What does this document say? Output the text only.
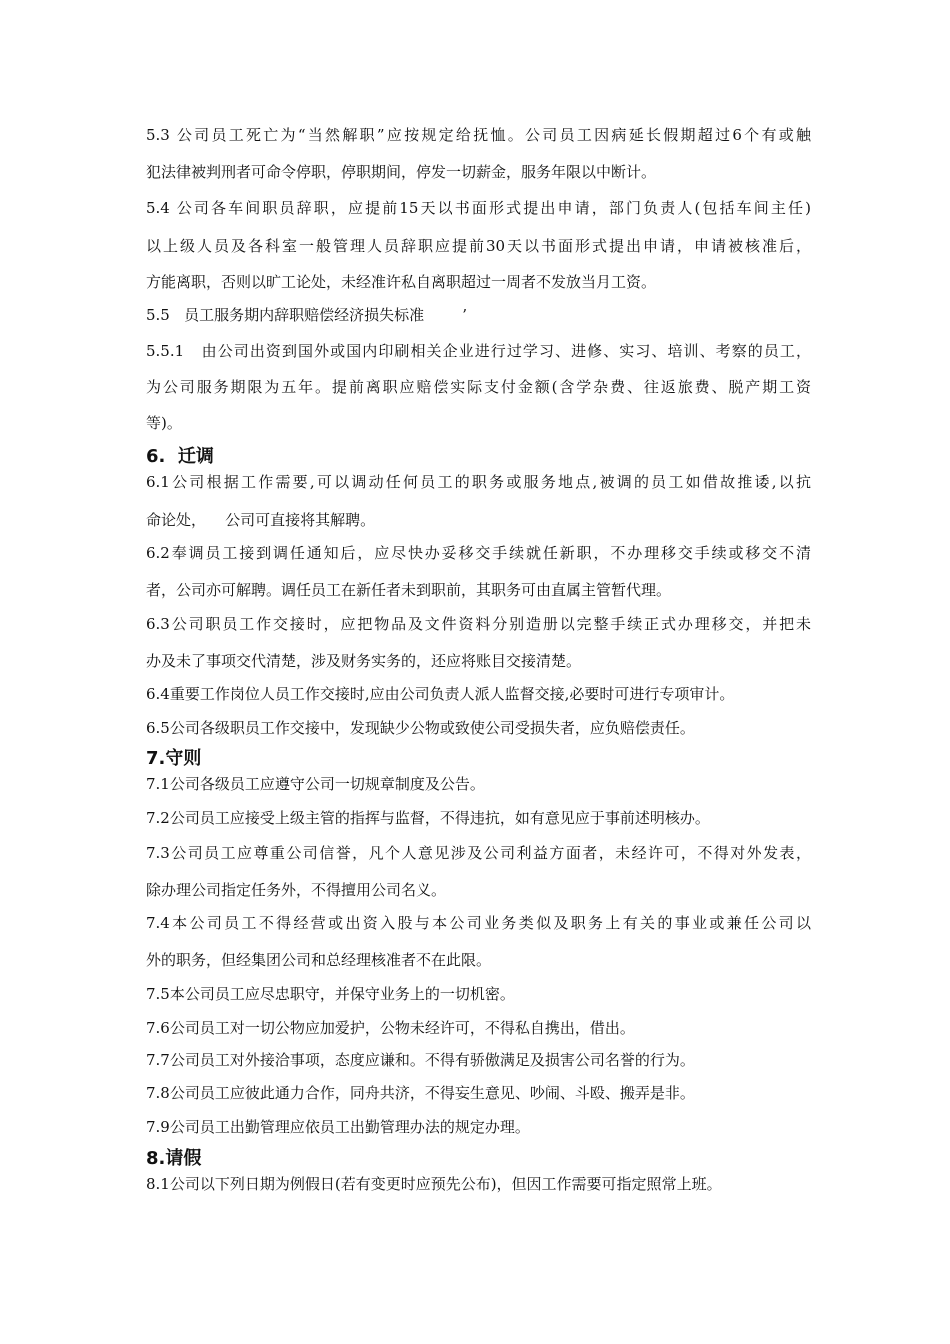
5.3 公司员工死亡为“当然解职”应按规定给抚恤。公司员工因病延长假期超过6个有或触
犯法律被判刑者可命令停职，停职期间，停发一切薪金，服务年限以中断计。
5.4 公司各车间职员辞职，应提前15天以书面形式提出申请，部门负责人(包括车间主任)
以上级人员及各科室一般管理人员辞职应提前30天以书面形式提出申请，申请被核准后，
方能离职，否则以旷工论处，未经准许私自离职超过一周者不发放当月工资。
5.5   员工服务期内辞职赔偿经济损失标准        ’
5.5.1   由公司出资到国外或国内印刷相关企业进行过学习、进修、实习、培训、考察的员工，
为公司服务期限为五年。提前离职应赔偿实际支付金额(含学杂费、往返旅费、脱产期工资
等)。
6.  迁调
6.1公司根据工作需要,可以调动任何员工的职务或服务地点,被调的员工如借故推诿,以抗
命论处，    公司可直接将其解聘。
6.2奉调员工接到调任通知后，应尽快办妥移交手续就任新职，不办理移交手续或移交不清
者，公司亦可解聘。调任员工在新任者未到职前，其职务可由直属主管暂代理。
6.3公司职员工作交接时，应把物品及文件资料分别造册以完整手续正式办理移交，并把未
办及未了事项交代清楚，涉及财务实务的，还应将账目交接清楚。
6.4重要工作岗位人员工作交接时,应由公司负责人派人监督交接,必要时可进行专项审计。
6.5公司各级职员工作交接中，发现缺少公物或致使公司受损失者，应负赔偿责任。
7.守则
7.1公司各级员工应遵守公司一切规章制度及公告。
7.2公司员工应接受上级主管的指挥与监督，不得违抗，如有意见应于事前述明核办。
7.3公司员工应尊重公司信誉，凡个人意见涉及公司利益方面者，未经许可，不得对外发表，
除办理公司指定任务外，不得擅用公司名义。
7.4本公司员工不得经营或出资入股与本公司业务类似及职务上有关的事业或兼任公司以
外的职务，但经集团公司和总经理核准者不在此限。
7.5本公司员工应尽忠职守，并保守业务上的一切机密。
7.6公司员工对一切公物应加爱护，公物未经许可，不得私自携出，借出。
7.7公司员工对外接洽事项，态度应谦和。不得有骄傲满足及损害公司名誉的行为。
7.8公司员工应彼此通力合作，同舟共济，不得妄生意见、吵闹、斗殴、搬弄是非。
7.9公司员工出勤管理应依员工出勤管理办法的规定办理。
8.请假
8.1公司以下列日期为例假日(若有变更时应预先公布)，但因工作需要可指定照常上班。
